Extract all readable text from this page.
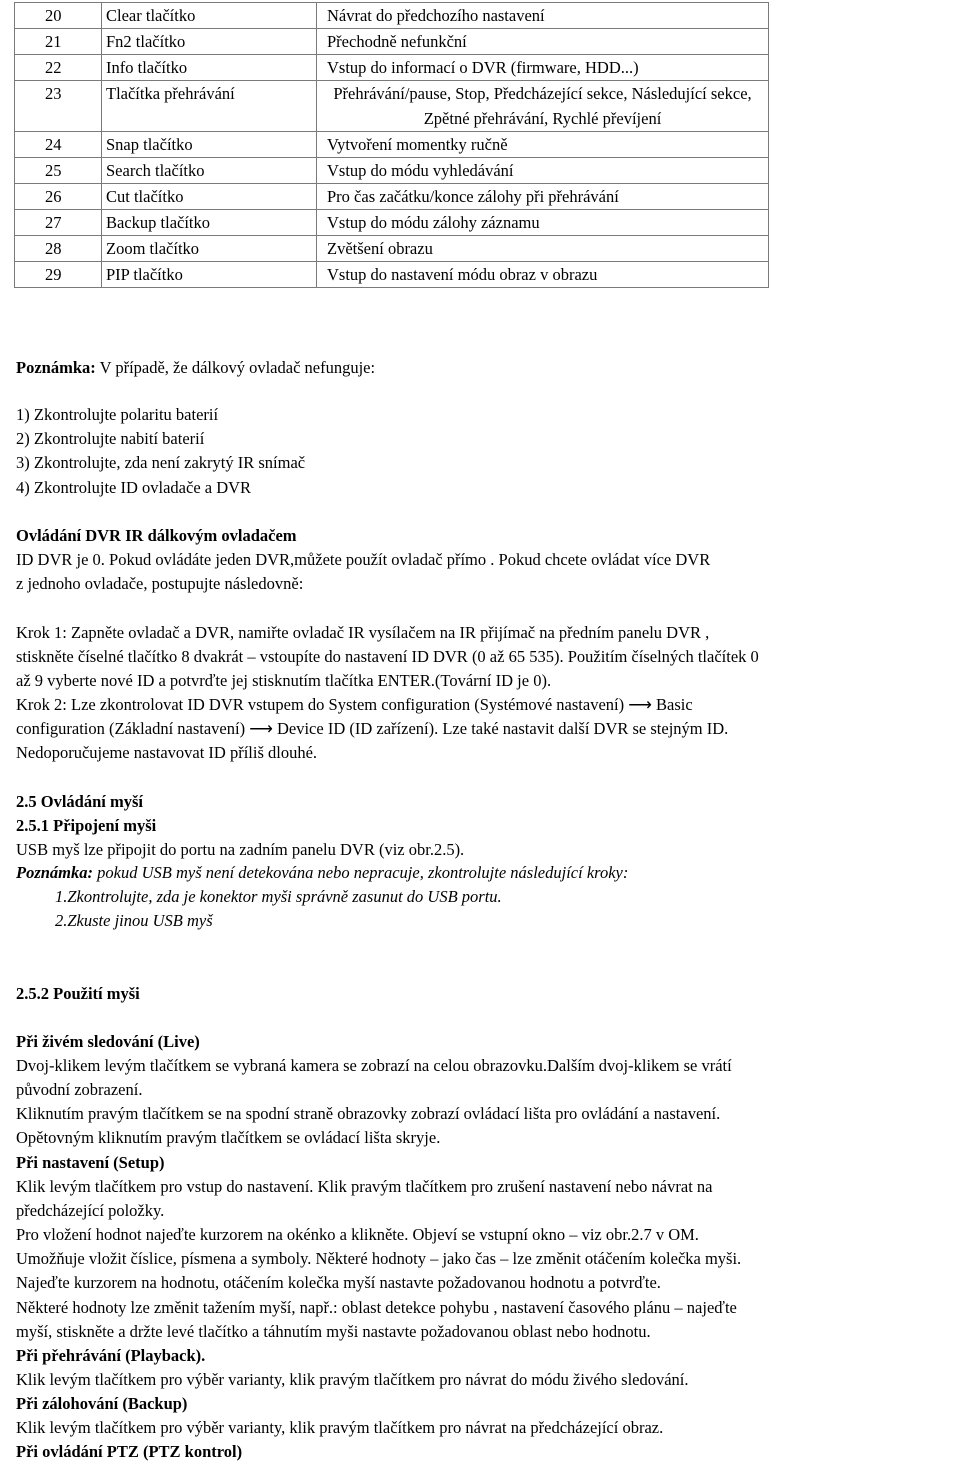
20	Clear tlačítko	Návrat do předchozího nastavení
21	Fn2 tlačítko	Přechodně nefunkční
22	Info tlačítko	Vstup do informací o DVR (firmware, HDD...)
23	Tlačítka přehrávání	Přehrávání/pause, Stop, Předcházející sekce, Následující sekce, Zpětné přehrávání, Rychlé převíjení
24	Snap tlačítko	Vytvoření momentky ručně
25	Search tlačítko	Vstup do módu vyhledávání
26	Cut tlačítko	Pro čas začátku/konce zálohy při přehrávání
27	Backup tlačítko	Vstup do módu zálohy záznamu
28	Zoom tlačítko	Zvětšení obrazu
29	PIP tlačítko	Vstup do nastavení módu obraz v obrazu
Poznámka: V případě, že dálkový ovladač nefunguje:
1) Zkontrolujte polaritu baterií
2) Zkontrolujte nabití baterií
3) Zkontrolujte, zda není zakrytý IR snímač
4) Zkontrolujte ID ovladače a DVR
Ovládání DVR IR dálkovým ovladačem
ID DVR je 0. Pokud ovládáte jeden DVR,můžete použít ovladač přímo . Pokud chcete ovládat více DVR
z jednoho ovladače, postupujte následovně:
Krok 1: Zapněte ovladač a DVR, namiřte ovladač IR vysílačem na IR přijímač na předním panelu DVR ,
stiskněte číselné tlačítko 8 dvakrát – vstoupíte do nastavení ID DVR (0 až 65 535). Použitím číselných tlačítek 0
až 9 vyberte nové ID a potvrďte jej stisknutím tlačítka ENTER.(Tovární ID je 0).
Krok 2: Lze zkontrolovat ID DVR vstupem do System configuration (Systémové nastavení) ⟶ Basic
configuration (Základní nastavení) ⟶ Device ID (ID zařízení). Lze také nastavit další DVR se stejným ID.
Nedoporučujeme nastavovat ID příliš dlouhé.
2.5 Ovládání myší
2.5.1 Připojení myši
USB myš lze připojit do portu na zadním panelu DVR (viz obr.2.5).
Poznámka: pokud USB myš není detekována nebo nepracuje, zkontrolujte následující kroky:
1.Zkontrolujte, zda je konektor myši správně zasunut do USB portu.
2.Zkuste jinou USB myš
2.5.2 Použití myši
Při živém sledování (Live)
Dvoj-klikem levým tlačítkem se vybraná kamera se zobrazí na celou obrazovku.Dalším dvoj-klikem se vrátí
původní zobrazení.
Kliknutím pravým tlačítkem se na spodní straně obrazovky zobrazí ovládací lišta pro ovládání a nastavení.
Opětovným kliknutím pravým tlačítkem se ovládací lišta skryje.
Při nastavení (Setup)
Klik levým tlačítkem pro vstup do nastavení. Klik pravým tlačítkem pro zrušení nastavení nebo návrat na
předcházející položky.
Pro vložení hodnot najeďte kurzorem na okénko a klikněte. Objeví se vstupní okno – viz obr.2.7 v OM.
Umožňuje vložit číslice, písmena a symboly. Některé hodnoty – jako čas – lze změnit otáčením kolečka myši.
Najeďte kurzorem na hodnotu, otáčením kolečka myší nastavte požadovanou hodnotu a potvrďte.
Některé hodnoty lze změnit tažením myší, např.: oblast detekce pohybu , nastavení časového plánu – najeďte
myší, stiskněte a držte levé tlačítko a táhnutím myši nastavte požadovanou oblast nebo hodnotu.
Při přehrávání (Playback).
Klik levým tlačítkem pro výběr varianty, klik pravým tlačítkem pro návrat do módu živého sledování.
Při zálohování (Backup)
Klik levým tlačítkem pro výběr varianty, klik pravým tlačítkem pro návrat na předcházející obraz.
Při ovládání PTZ (PTZ kontrol)
